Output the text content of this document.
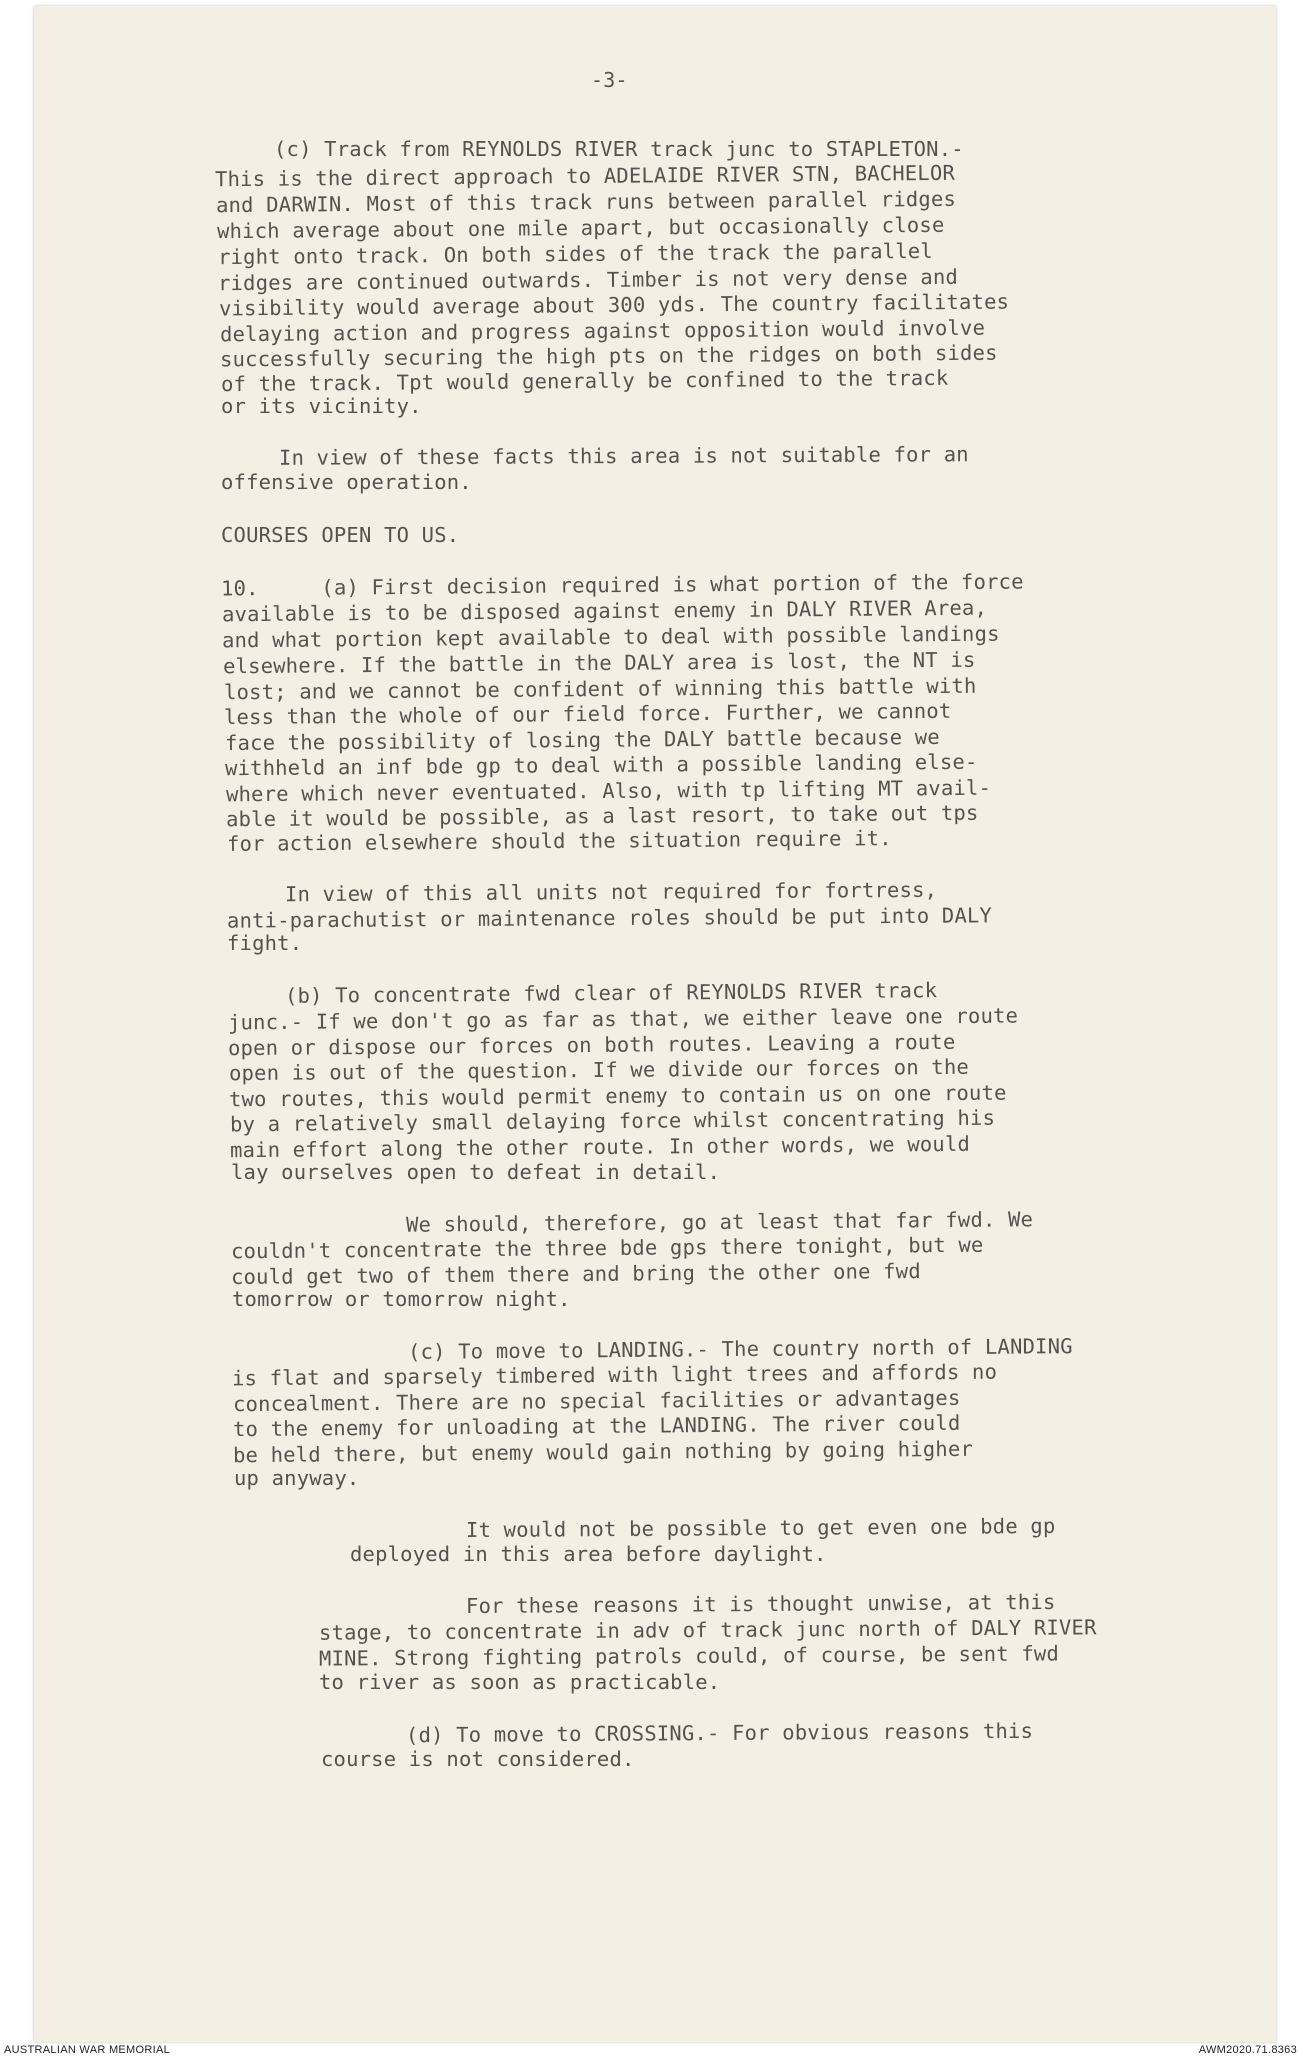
-3-
(c) Track from REYNOLDS RIVER track junc to STAPLETON.-
This is the direct approach to ADELAIDE RIVER STN, BACHELOR
and DARWIN. Most of this track runs between parallel ridges
which average about one mile apart, but occasionally close
right onto track. On both sides of the track the parallel
ridges are continued outwards. Timber is not very dense and
visibility would average about 300 yds. The country facilitates
delaying action and progress against opposition would involve
successfully securing the high pts on the ridges on both sides
of the track. Tpt would generally be confined to the track
or its vicinity.
In view of these facts this area is not suitable for an
offensive operation.
COURSES OPEN TO US.
10.     (a) First decision required is what portion of the force
available is to be disposed against enemy in DALY RIVER Area,
and what portion kept available to deal with possible landings
elsewhere. If the battle in the DALY area is lost, the NT is
lost; and we cannot be confident of winning this battle with
less than the whole of our field force. Further, we cannot
face the possibility of losing the DALY battle because we
withheld an inf bde gp to deal with a possible landing else-
where which never eventuated. Also, with tp lifting MT avail-
able it would be possible, as a last resort, to take out tps
for action elsewhere should the situation require it.
In view of this all units not required for fortress,
anti-parachutist or maintenance roles should be put into DALY
fight.
(b) To concentrate fwd clear of REYNOLDS RIVER track
junc.- If we don't go as far as that, we either leave one route
open or dispose our forces on both routes. Leaving a route
open is out of the question. If we divide our forces on the
two routes, this would permit enemy to contain us on one route
by a relatively small delaying force whilst concentrating his
main effort along the other route. In other words, we would
lay ourselves open to defeat in detail.
We should, therefore, go at least that far fwd. We
couldn't concentrate the three bde gps there tonight, but we
could get two of them there and bring the other one fwd
tomorrow or tomorrow night.
(c) To move to LANDING.- The country north of LANDING
is flat and sparsely timbered with light trees and affords no
concealment. There are no special facilities or advantages
to the enemy for unloading at the LANDING. The river could
be held there, but enemy would gain nothing by going higher
up anyway.
It would not be possible to get even one bde gp
deployed in this area before daylight.
For these reasons it is thought unwise, at this
stage, to concentrate in adv of track junc north of DALY RIVER
MINE. Strong fighting patrols could, of course, be sent fwd
to river as soon as practicable.
(d) To move to CROSSING.- For obvious reasons this
course is not considered.
AUSTRALIAN WAR MEMORIAL	AWM2020.71.8363
